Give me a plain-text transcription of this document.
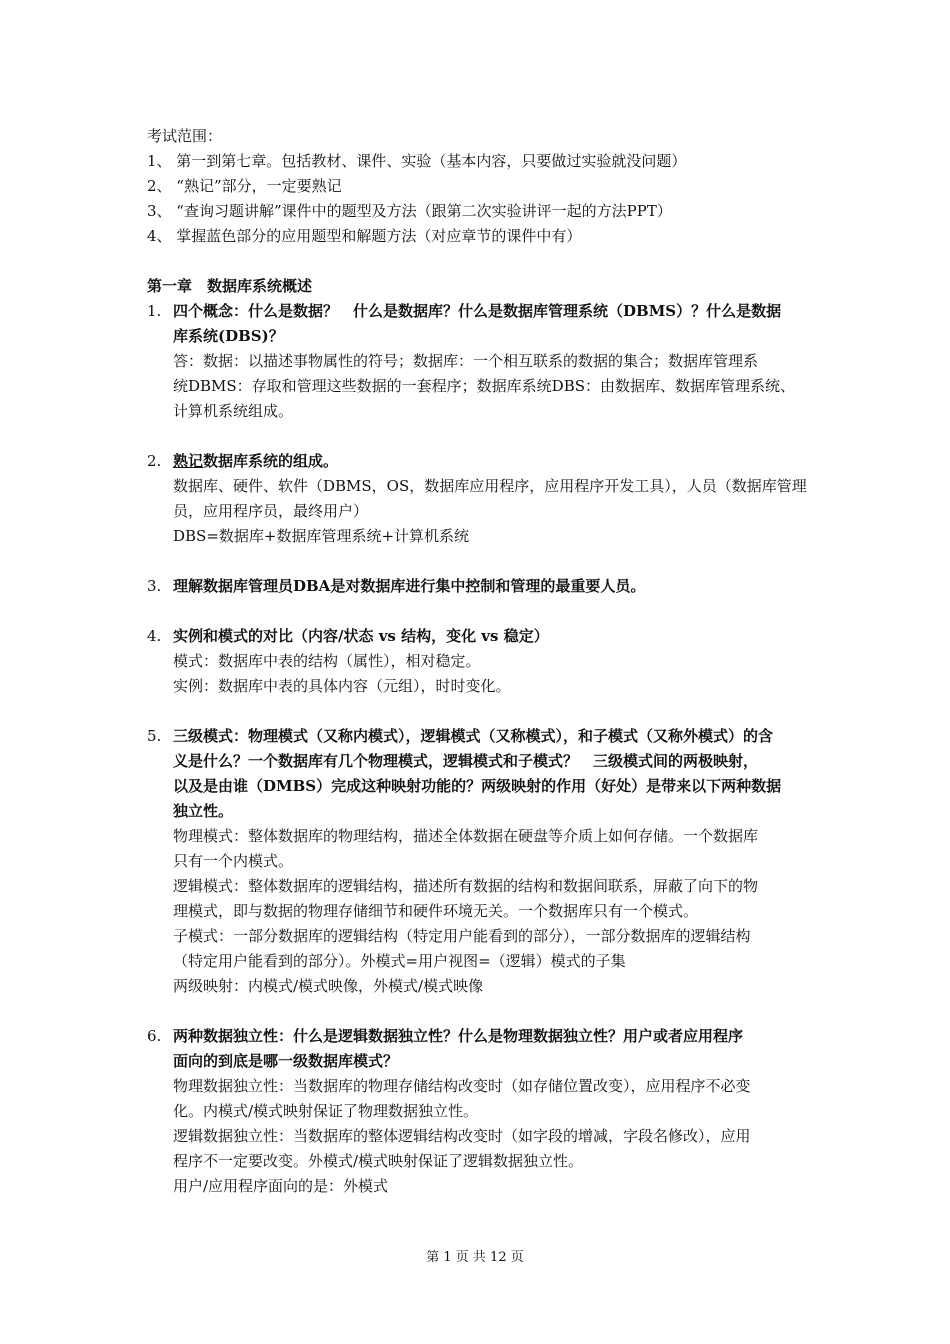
考试范围：
1、 第一到第七章。包括教材、课件、实验（基本内容，只要做过实验就没问题）
2、 “熟记”部分，一定要熟记
3、 “查询习题讲解”课件中的题型及方法（跟第二次实验讲评一起的方法PPT）
4、 掌握蓝色部分的应用题型和解题方法（对应章节的课件中有）
第一章　数据库系统概述
1. 四个概念：什么是数据？　什么是数据库？什么是数据库管理系统（DBMS）？什么是数据
库系统(DBS)？
答：数据：以描述事物属性的符号；数据库：一个相互联系的数据的集合；数据库管理系
统DBMS：存取和管理这些数据的一套程序；数据库系统DBS：由数据库、数据库管理系统、
计算机系统组成。
2. 熟记数据库系统的组成。
数据库、硬件、软件（DBMS，OS，数据库应用程序，应用程序开发工具），人员（数据库管理
员，应用程序员，最终用户）
DBS=数据库+数据库管理系统+计算机系统
3. 理解数据库管理员DBA是对数据库进行集中控制和管理的最重要人员。
4. 实例和模式的对比（内容/状态 vs 结构，变化 vs 稳定）
模式：数据库中表的结构（属性），相对稳定。
实例：数据库中表的具体内容（元组），时时变化。
5. 三级模式：物理模式（又称内模式），逻辑模式（又称模式），和子模式（又称外模式）的含
义是什么？一个数据库有几个物理模式，逻辑模式和子模式？　三级模式间的两极映射，
以及是由谁（DMBS）完成这种映射功能的？两级映射的作用（好处）是带来以下两种数据
独立性。
物理模式：整体数据库的物理结构，描述全体数据在硬盘等介质上如何存储。一个数据库
只有一个内模式。
逻辑模式：整体数据库的逻辑结构，描述所有数据的结构和数据间联系，屏蔽了向下的物
理模式，即与数据的物理存储细节和硬件环境无关。一个数据库只有一个模式。
子模式：一部分数据库的逻辑结构（特定用户能看到的部分），一部分数据库的逻辑结构
（特定用户能看到的部分）。外模式=用户视图=（逻辑）模式的子集
两级映射：内模式/模式映像，外模式/模式映像
6. 两种数据独立性：什么是逻辑数据独立性？什么是物理数据独立性？用户或者应用程序
面向的到底是哪一级数据库模式？
物理数据独立性：当数据库的物理存储结构改变时（如存储位置改变），应用程序不必变
化。内模式/模式映射保证了物理数据独立性。
逻辑数据独立性：当数据库的整体逻辑结构改变时（如字段的增减，字段名修改），应用
程序不一定要改变。外模式/模式映射保证了逻辑数据独立性。
用户/应用程序面向的是：外模式
第 1 页 共 12 页
